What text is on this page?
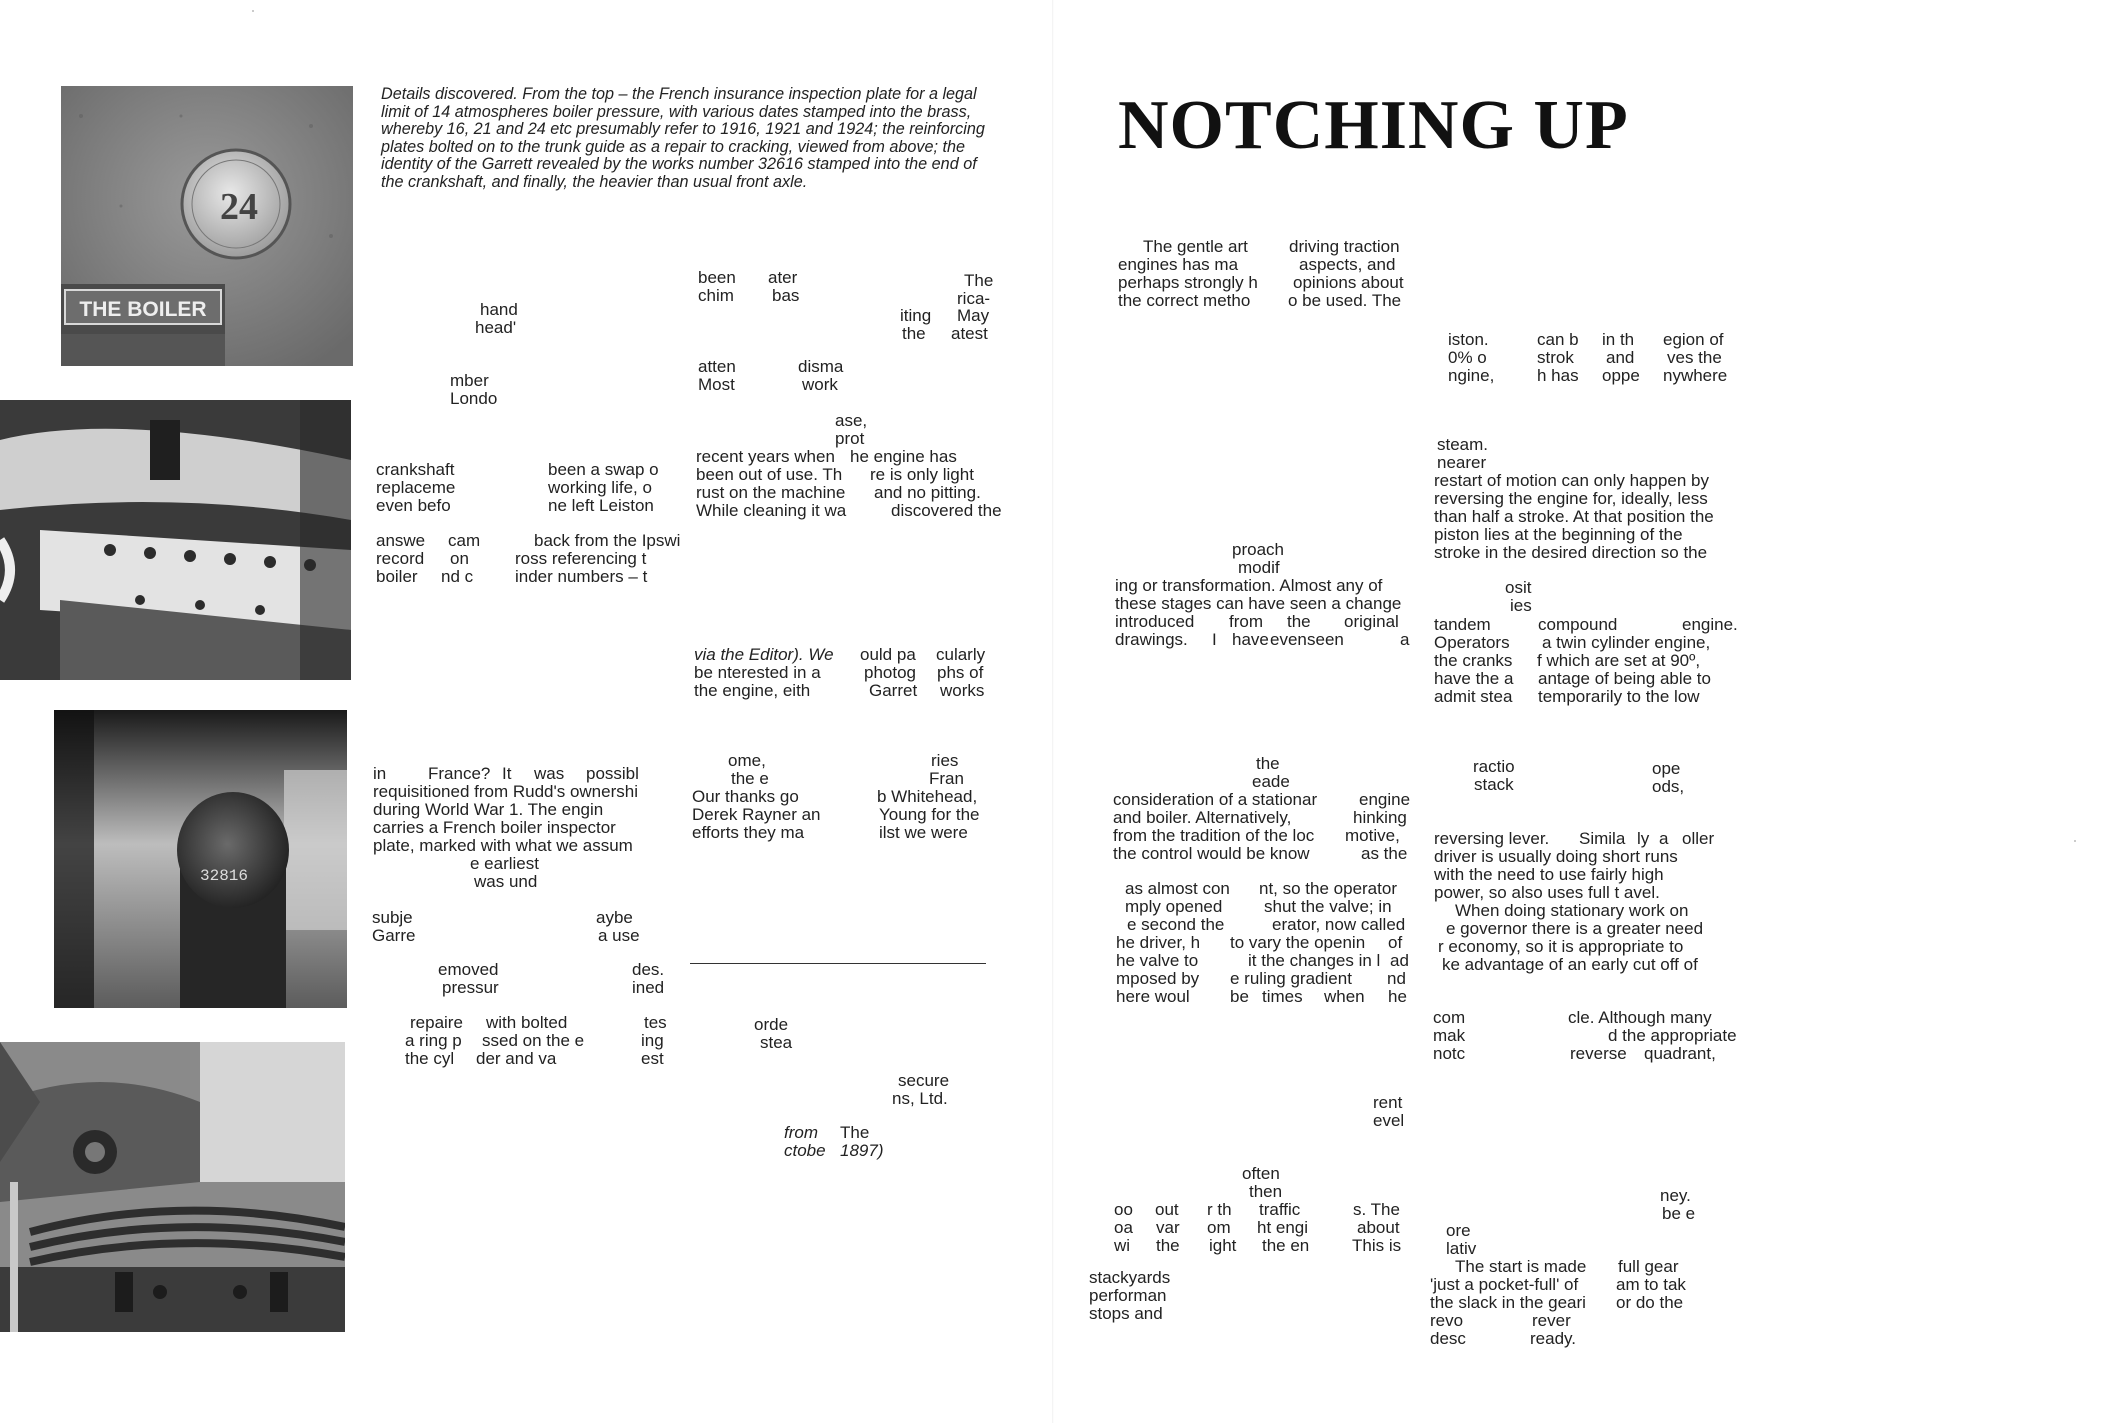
24
THE BOILER
32816
Details discovered. From the top – the French insurance inspection plate for a legal limit of 14 atmospheres boiler pressure, with various dates stamped into the brass, whereby 16, 21 and 24 etc presumably refer to 1916, 1921 and 1924; the reinforcing plates bolted on to the trunk guide as a repair to cracking, viewed from above; the identity of the Garrett revealed by the works number 32616 stamped into the end of the crankshaft, and finally, the heavier than usual front axle.
hand
head'
mber
Londo
crankshaft
replaceme
even befo
been a swap o
working life, o
ne left Leiston
answe
record
boiler
cam
on
nd c
back from the Ipswi
ross referencing t
inder numbers – t
in France? It was possibl
requisitioned from Rudd's ownershi
during World War 1. The engin
carries a French boiler inspector
plate, marked with what we assum
e earliest
was und
subje
Garre
aybe
a use
emoved
pressur
des.
ined
repaire
a ring p
the cyl
with bolted
ssed on the e
der and va
tes
ing
est
been
chim
ater
bas
The
rica-
iting
the
May
atest
atten
Most
disma
work
ase,
prot
recent years when he engine has
been out of use. Th re is only light
rust on the machine and no pitting.
While cleaning it wa	discovered the
via the Editor). We
be nterested in a
the engine, eith
ould pa
photog
Garret
cularly
phs of
works
ome,
the e
Our thanks go
Derek Rayner an
efforts they ma
ries
Fran
b Whitehead,
Young for the
ilst we were
orde
stea
secure
ns, Ltd.
from
ctobe
The
1897)
NOTCHING UP
The gentle art
engines has ma
perhaps strongly h
the correct metho
driving traction
aspects, and
opinions about
o be used. The
proach
modif
ing or transformation. Almost any of
these stages can have seen a change
introduced from the original
drawings. I have even seen	a
the
eade
consideration of a stationar engine
and boiler. Alternatively,	hinking
from the tradition of the loc motive,
the control would be know	as the
as almost con
mply opened
e second the
he driver, h
he valve to
mposed by
here woul
nt, so the operator
shut the valve; in
erator, now called
to vary the openin of
it the changes in l ad
e ruling gradient nd
be times when he
rent
evel
often
then
oo
oa
wi
out
var
the
r th
om
ight
traffic
ht engi
the en
s. The
about
This is
stackyards
performan
stops and
iston.
0% o
ngine,
can b
strok
h has
in th
and
oppe
egion of
ves the
nywhere
steam.
nearer
restart of motion can only happen by
reversing the engine for, ideally, less
than half a stroke. At that position the
piston lies at the beginning of the
stroke in the desired direction so the
osit
ies
tandem	compound	engine.
Operators a twin cylinder engine,
the cranks f which are set at 90º,
have the a antage of being able to
admit stea temporarily to the low
ractio
stack
ope
ods,
reversing lever. Simila ly a oller
driver is usually doing short runs
with the need to use fairly high
power, so also uses full t avel.
When doing stationary work on
e governor there is a greater need
r economy, so it is appropriate to
ke advantage of an early cut off of
com
mak
notc
cle. Although many
d the appropriate
reverse quadrant,
ney.
be e
ore
lativ
The start is made
'just a pocket-full' of
the slack in the geari
revo
desc
full gear
am to tak
or do the
rever
ready.
